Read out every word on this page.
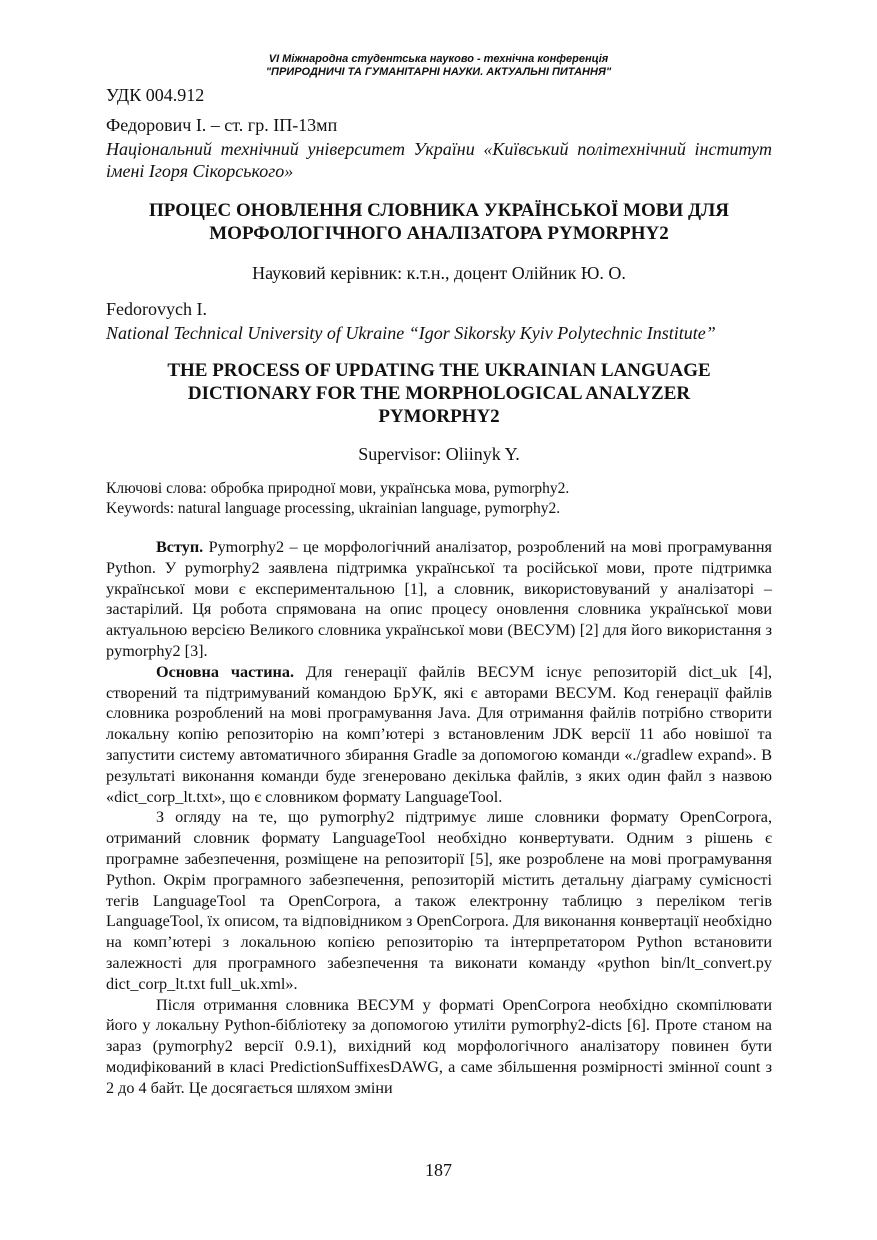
VI Міжнародна студентська науково - технічна конференція
"ПРИРОДНИЧІ ТА ГУМАНІТАРНІ НАУКИ. АКТУАЛЬНІ ПИТАННЯ"

УДК 004.912

Федорович І. – ст. гр. ІП-13мп

Національний технічний університет України «Київський політехнічний інститут імені Ігоря Сікорського»

ПРОЦЕС ОНОВЛЕННЯ СЛОВНИКА УКРАЇНСЬКОЇ МОВИ ДЛЯ

МОРФОЛОГІЧНОГО АНАЛІЗАТОРА PYMORPHY2

Науковий керівник: к.т.н., доцент Олійник Ю. О.

Fedorovych I.

National Technical University of Ukraine “Igor Sikorsky Kyiv Polytechnic Institute”

THE PROCESS OF UPDATING THE UKRAINIAN LANGUAGE

DICTIONARY FOR THE MORPHOLOGICAL ANALYZER

PYMORPHY2

Supervisor: Oliinyk Y.

Ключові слова: обробка природної мови, українська мова, pymorphy2.

Keywords: natural language processing, ukrainian language, pymorphy2.

Вступ. Pymorphy2 – це морфологічний аналізатор, розроблений на мові програмування Python. У pymorphy2 заявлена підтримка української та російської мови, проте підтримка української мови є експериментальною [1], а словник, використовуваний у аналізаторі – застарілий. Ця робота спрямована на опис процесу оновлення словника української мови актуальною версією Великого словника української мови (ВЕСУМ) [2] для його використання з pymorphy2 [3].

Основна частина. Для генерації файлів ВЕСУМ існує репозиторій dict_uk [4], створений та підтримуваний командою БрУК, які є авторами ВЕСУМ. Код генерації файлів словника розроблений на мові програмування Java. Для отримання файлів потрібно створити локальну копію репозиторію на комп’ютері з встановленим JDK версії 11 або новішої та запустити систему автоматичного збирання Gradle за допомогою команди «./gradlew expand». В результаті виконання команди буде згенеровано декілька файлів, з яких один файл з назвою «dict_corp_lt.txt», що є словником формату LanguageTool.

З огляду на те, що pymorphy2 підтримує лише словники формату OpenCorpora, отриманий словник формату LanguageTool необхідно конвертувати. Одним з рішень є програмне забезпечення, розміщене на репозиторії [5], яке розроблене на мові програмування Python. Окрім програмного забезпечення, репозиторій містить детальну діаграму сумісності тегів LanguageTool та OpenCorpora, а також електронну таблицю з переліком тегів LanguageTool, їх описом, та відповідником з OpenCorpora. Для виконання конвертації необхідно на комп’ютері з локальною копією репозиторію та інтерпретатором Python встановити залежності для програмного забезпечення та виконати команду «python bin/lt_convert.py dict_corp_lt.txt full_uk.xml».

Після отримання словника ВЕСУМ у форматі OpenCorpora необхідно скомпілювати його у локальну Python-бібліотеку за допомогою утиліти pymorphy2-dicts [6]. Проте станом на зараз (pymorphy2 версії 0.9.1), вихідний код морфологічного аналізатору повинен бути модифікований в класі PredictionSuffixesDAWG, а саме збільшення розмірності змінної count з 2 до 4 байт. Це досягається шляхом зміни

187
